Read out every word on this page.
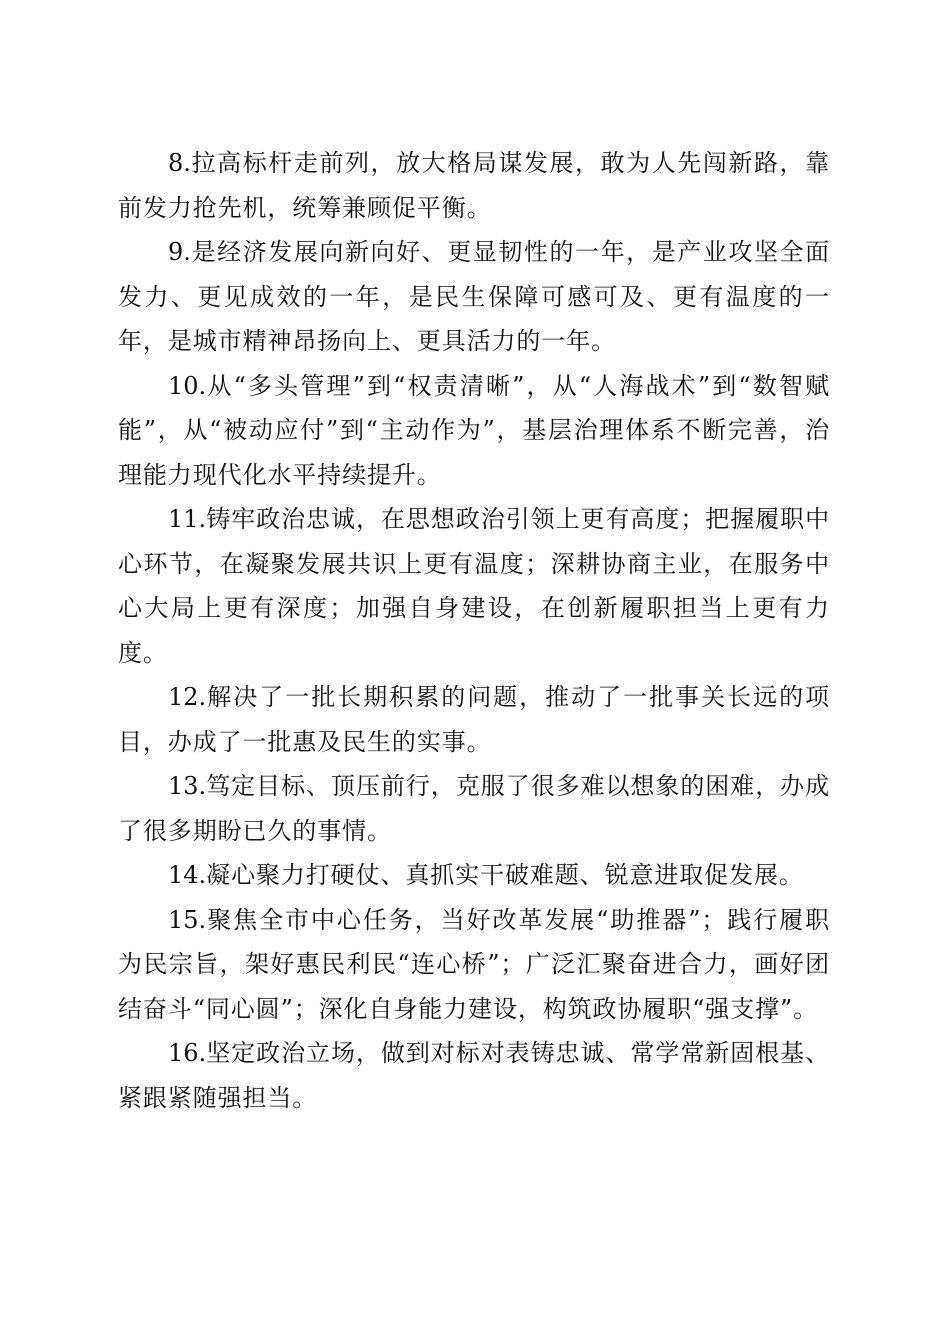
8.拉高标杆走前列，放大格局谋发展，敢为人先闯新路，靠前发力抢先机，统筹兼顾促平衡。

9.是经济发展向新向好、更显韧性的一年，是产业攻坚全面发力、更见成效的一年，是民生保障可感可及、更有温度的一年，是城市精神昂扬向上、更具活力的一年。

10.从“多头管理”到“权责清晰”，从“人海战术”到“数智赋能”，从“被动应付”到“主动作为”，基层治理体系不断完善，治理能力现代化水平持续提升。

11.铸牢政治忠诚，在思想政治引领上更有高度；把握履职中心环节，在凝聚发展共识上更有温度；深耕协商主业，在服务中心大局上更有深度；加强自身建设，在创新履职担当上更有力度。

12.解决了一批长期积累的问题，推动了一批事关长远的项目，办成了一批惠及民生的实事。

13.笃定目标、顶压前行，克服了很多难以想象的困难，办成了很多期盼已久的事情。

14.凝心聚力打硬仗、真抓实干破难题、锐意进取促发展。

15.聚焦全市中心任务，当好改革发展“助推器”；践行履职为民宗旨，架好惠民利民“连心桥”；广泛汇聚奋进合力，画好团结奋斗“同心圆”；深化自身能力建设，构筑政协履职“强支撑”。

16.坚定政治立场，做到对标对表铸忠诚、常学常新固根基、紧跟紧随强担当。
